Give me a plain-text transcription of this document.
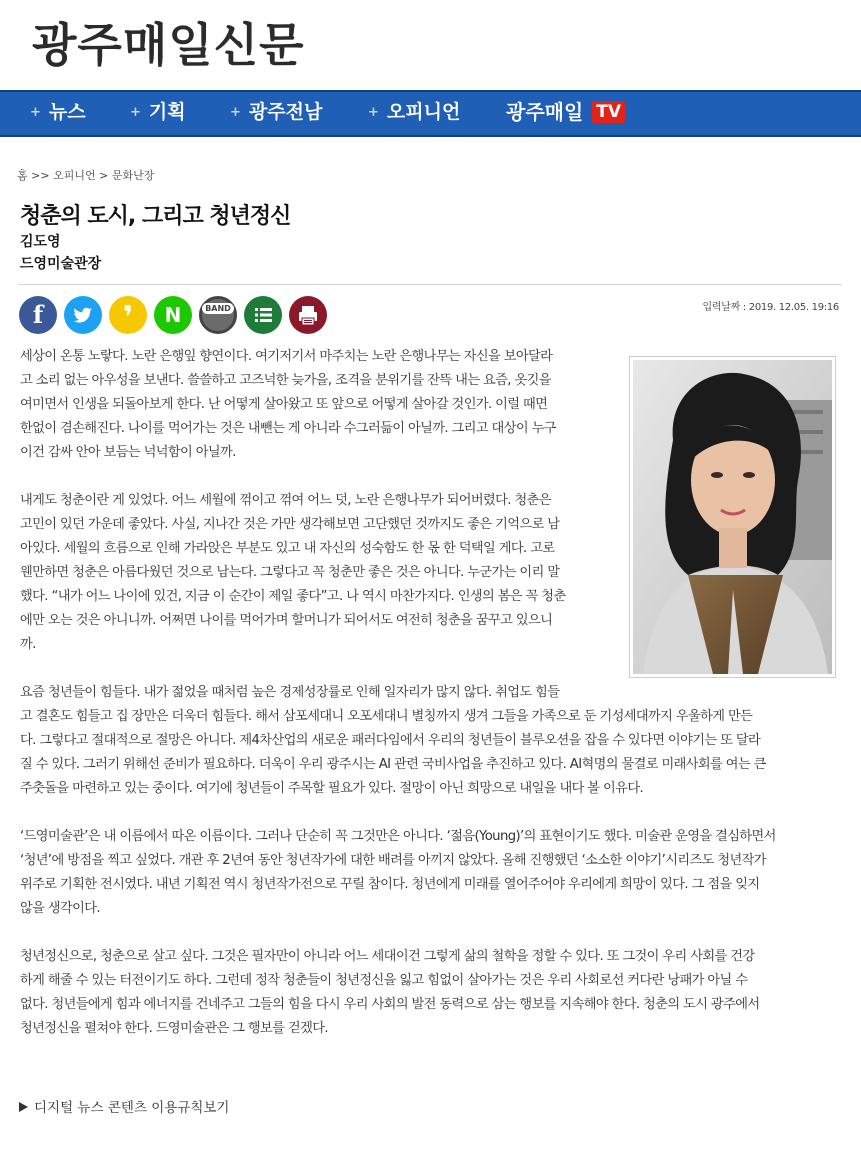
광주매일신문
+ 뉴스	+ 기획	+ 광주전남	+ 오피니언 광주매일 TV
홈 >> 오피니언 > 문화난장
청춘의 도시, 그리고 청년정신
김도영
드영미술관장
f	❜	N	BAND	입력날짜 : 2019. 12.05. 19:16
세상이 온통 노랗다. 노란 은행잎 향연이다. 여기저기서 마주치는 노란 은행나무는 자신을 보아달라
고 소리 없는 아우성을 보낸다. 쓸쓸하고 고즈넉한 늦가을, 조격을 분위기를 잔뜩 내는 요즘, 옷깃을
여미면서 인생을 되돌아보게 한다. 난 어떻게 살아왔고 또 앞으로 어떻게 살아갈 것인가. 이럴 때면
한없이 겸손해진다. 나이를 먹어가는 것은 내뺀는 게 아니라 수그러듦이 아닐까. 그리고 대상이 누구
이건 감싸 안아 보듬는 넉넉함이 아닐까.
내게도 청춘이란 게 있었다. 어느 세월에 꺾이고 꺾여 어느 덧, 노란 은행나무가 되어버렸다. 청춘은
고민이 있던 가운데 좋았다. 사실, 지나간 것은 가만 생각해보면 고단했던 것까지도 좋은 기억으로 남
아있다. 세월의 흐름으로 인해 가라앉은 부분도 있고 내 자신의 성숙함도 한 몫 한 덕택일 게다. 고로
웬만하면 청춘은 아름다웠던 것으로 남는다. 그렇다고 꼭 청춘만 좋은 것은 아니다. 누군가는 이리 말
했다. “내가 어느 나이에 있건, 지금 이 순간이 제일 좋다”고. 나 역시 마찬가지다. 인생의 봄은 꼭 청춘
에만 오는 것은 아니니까. 어쩌면 나이를 먹어가며 할머니가 되어서도 여전히 청춘을 꿈꾸고 있으니
까.
요즘 청년들이 힘들다. 내가 젊었을 때처럼 높은 경제성장률로 인해 일자리가 많지 않다. 취업도 힘들
고 결혼도 힘들고 집 장만은 더욱더 힘들다. 해서 삼포세대니 오포세대니 별칭까지 생겨 그들을 가족으로 둔 기성세대까지 우울하게 만든
다. 그렇다고 절대적으로 절망은 아니다. 제4차산업의 새로운 패러다임에서 우리의 청년들이 블루오션을 잡을 수 있다면 이야기는 또 달라
질 수 있다. 그러기 위해선 준비가 필요하다. 더욱이 우리 광주시는 AI 관련 국비사업을 추진하고 있다. AI혁명의 물결로 미래사회를 여는 큰
주춧돌을 마련하고 있는 중이다. 여기에 청년들이 주목할 필요가 있다. 절망이 아닌 희망으로 내일을 내다 볼 이유다.
‘드영미술관’은 내 이름에서 따온 이름이다. 그러나 단순히 꼭 그것만은 아니다. ‘젊음(Young)’의 표현이기도 했다. 미술관 운영을 결심하면서
‘청년’에 방점을 찍고 싶었다. 개관 후 2년여 동안 청년작가에 대한 배려를 아끼지 않았다. 올해 진행했던 ‘소소한 이야기’시리즈도 청년작가
위주로 기획한 전시였다. 내년 기획전 역시 청년작가전으로 꾸릴 참이다. 청년에게 미래를 열어주어야 우리에게 희망이 있다. 그 점을 잊지
않을 생각이다.
청년정신으로, 청춘으로 살고 싶다. 그것은 필자만이 아니라 어느 세대이건 그렇게 삶의 철학을 정할 수 있다. 또 그것이 우리 사회를 건강
하게 해줄 수 있는 터전이기도 하다. 그런데 정작 청춘들이 청년정신을 잃고 힘없이 살아가는 것은 우리 사회로선 커다란 낭패가 아닐 수
없다. 청년들에게 힘과 에너지를 건네주고 그들의 힘을 다시 우리 사회의 발전 동력으로 삼는 행보를 지속해야 한다. 청춘의 도시 광주에서
청년정신을 펼쳐야 한다. 드영미술관은 그 행보를 걷겠다.
디지털 뉴스 콘텐츠 이용규칙보기
